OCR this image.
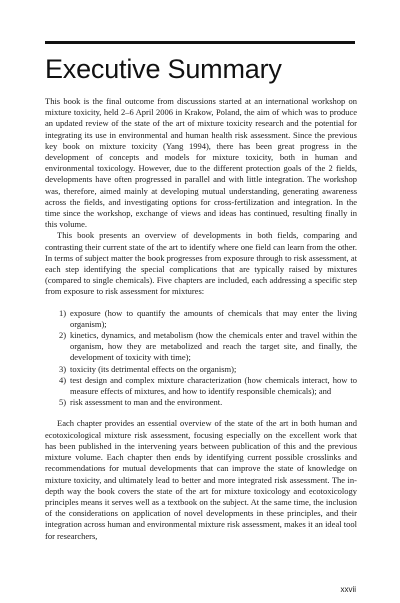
Executive Summary

This book is the final outcome from discussions started at an international workshop on mixture toxicity, held 2–6 April 2006 in Krakow, Poland, the aim of which was to produce an updated review of the state of the art of mixture toxicity research and the potential for integrating its use in environmental and human health risk assessment. Since the previous key book on mixture toxicity (Yang 1994), there has been great progress in the development of concepts and models for mixture toxicity, both in human and environmental toxicology. However, due to the different protection goals of the 2 fields, developments have often progressed in parallel and with little integration. The workshop was, therefore, aimed mainly at developing mutual understanding, generating awareness across the fields, and investigating options for cross-fertilization and integration. In the time since the workshop, exchange of views and ideas has continued, resulting finally in this volume.

This book presents an overview of developments in both fields, comparing and contrasting their current state of the art to identify where one field can learn from the other. In terms of subject matter the book progresses from exposure through to risk assessment, at each step identifying the special complications that are typically raised by mixtures (compared to single chemicals). Five chapters are included, each addressing a specific step from exposure to risk assessment for mixtures:

1) exposure (how to quantify the amounts of chemicals that may enter the living organism);
2) kinetics, dynamics, and metabolism (how the chemicals enter and travel within the organism, how they are metabolized and reach the target site, and finally, the development of toxicity with time);
3) toxicity (its detrimental effects on the organism);
4) test design and complex mixture characterization (how chemicals interact, how to measure effects of mixtures, and how to identify responsible chemicals); and
5) risk assessment to man and the environment.

Each chapter provides an essential overview of the state of the art in both human and ecotoxicological mixture risk assessment, focusing especially on the excellent work that has been published in the intervening years between publication of this and the previous mixture volume. Each chapter then ends by identifying current possible crosslinks and recommendations for mutual developments that can improve the state of knowledge on mixture toxicity, and ultimately lead to better and more integrated risk assessment. The in-depth way the book covers the state of the art for mixture toxicology and ecotoxicology principles means it serves well as a textbook on the subject. At the same time, the inclusion of the considerations on application of novel developments in these principles, and their integration across human and environmental mixture risk assessment, makes it an ideal tool for researchers,

xxvii
